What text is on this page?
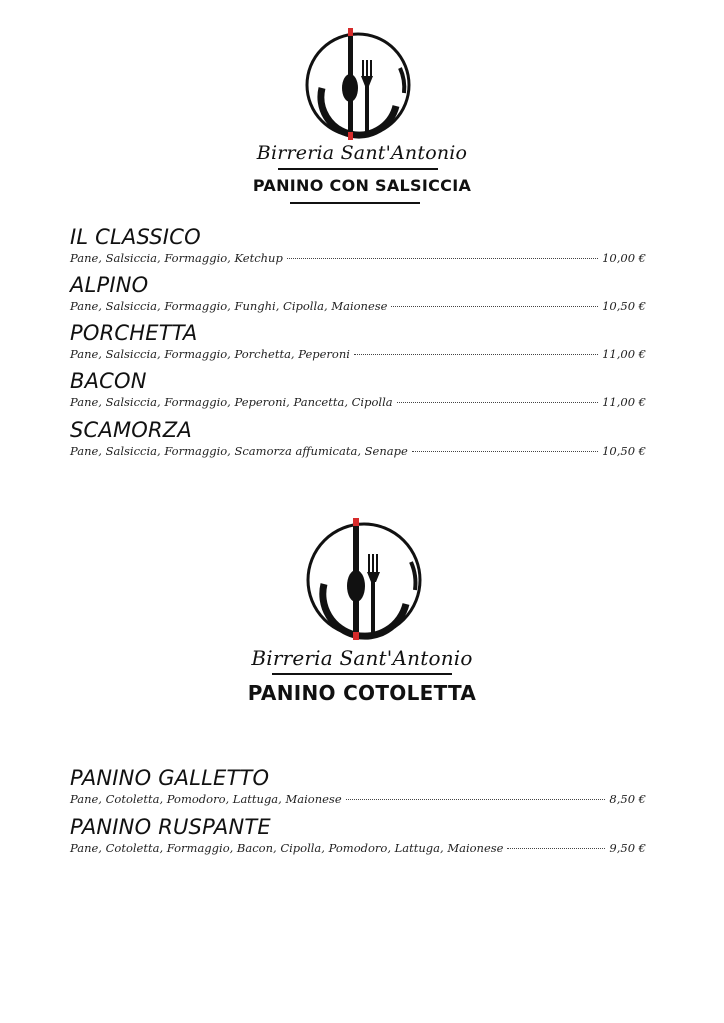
Birreria Sant'Antonio
PANINO CON SALSICCIA
IL CLASSICO
Pane, Salsiccia, Formaggio, Ketchup	10,00 €
ALPINO
Pane, Salsiccia, Formaggio, Funghi, Cipolla, Maionese	10,50 €
PORCHETTA
Pane, Salsiccia, Formaggio, Porchetta, Peperoni	11,00 €
BACON
Pane, Salsiccia, Formaggio, Peperoni, Pancetta, Cipolla	11,00 €
SCAMORZA
Pane, Salsiccia, Formaggio, Scamorza affumicata, Senape	10,50 €
Birreria Sant'Antonio
PANINO COTOLETTA
PANINO GALLETTO
Pane, Cotoletta, Pomodoro, Lattuga, Maionese	8,50 €
PANINO RUSPANTE
Pane, Cotoletta, Formaggio, Bacon, Cipolla, Pomodoro, Lattuga, Maionese	9,50 €
